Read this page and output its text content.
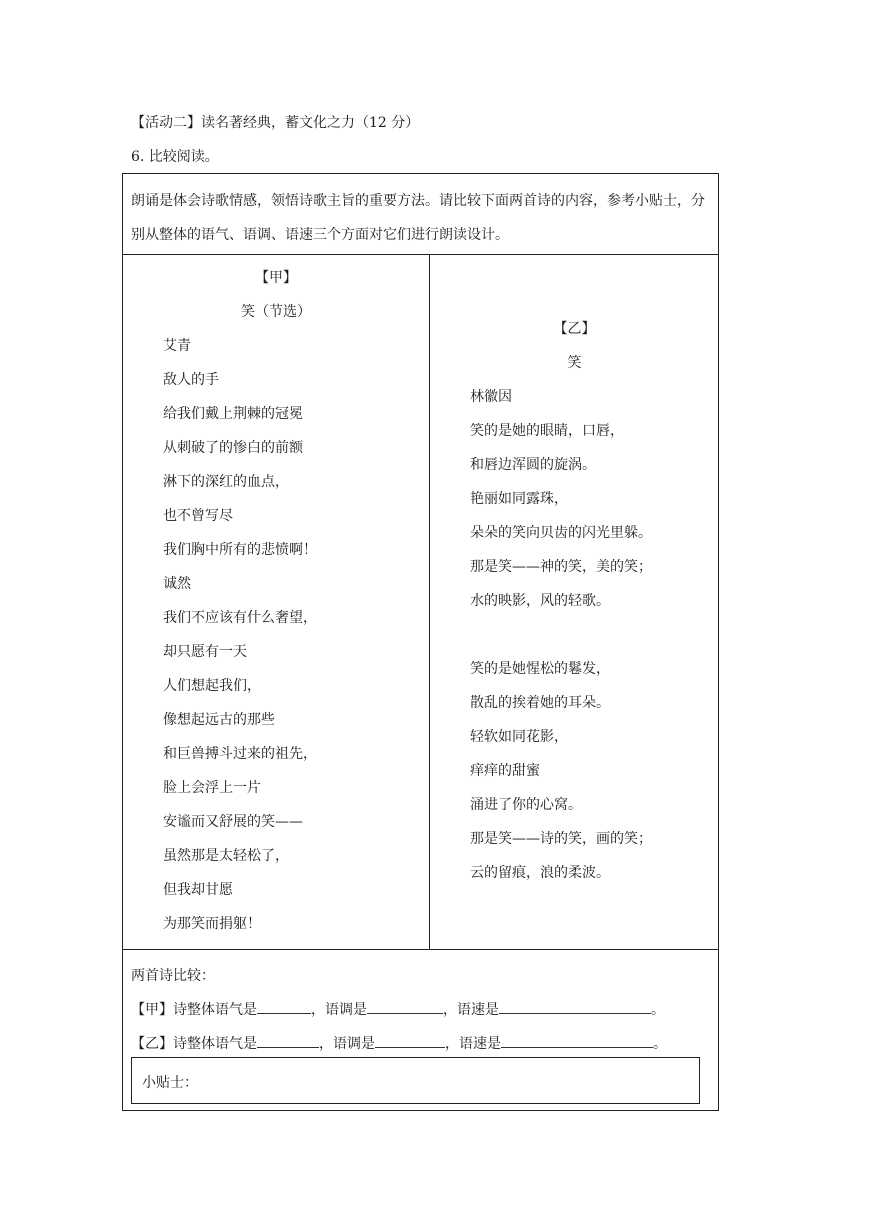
【活动二】读名著经典，蓄文化之力（12 分）
6. 比较阅读。
朗诵是体会诗歌情感，领悟诗歌主旨的重要方法。请比较下面两首诗的内容，参考小贴士，分别从整体的语气、语调、语速三个方面对它们进行朗读设计。
【甲】
笑（节选）
艾青
敌人的手
给我们戴上荆棘的冠冕
从刺破了的惨白的前额
淋下的深红的血点，
也不曾写尽
我们胸中所有的悲愤啊！
诚然
我们不应该有什么奢望，
却只愿有一天
人们想起我们，
像想起远古的那些
和巨兽搏斗过来的祖先，
脸上会浮上一片
安谧而又舒展的笑——
虽然那是太轻松了，
但我却甘愿
为那笑而捐躯！
【乙】
笑
林徽因
笑的是她的眼睛，口唇，
和唇边浑圆的旋涡。
艳丽如同露珠，
朵朵的笑向贝齿的闪光里躲。
那是笑——神的笑，美的笑；
水的映影，风的轻歌。
笑的是她惺松的鬈发，
散乱的挨着她的耳朵。
轻软如同花影，
痒痒的甜蜜
涌进了你的心窝。
那是笑——诗的笑，画的笑；
云的留痕，浪的柔波。
两首诗比较：
【甲】诗整体语气是	，语调是	，语速是	。
【乙】诗整体语气是	，语调是	，语速是	。
小贴士：
